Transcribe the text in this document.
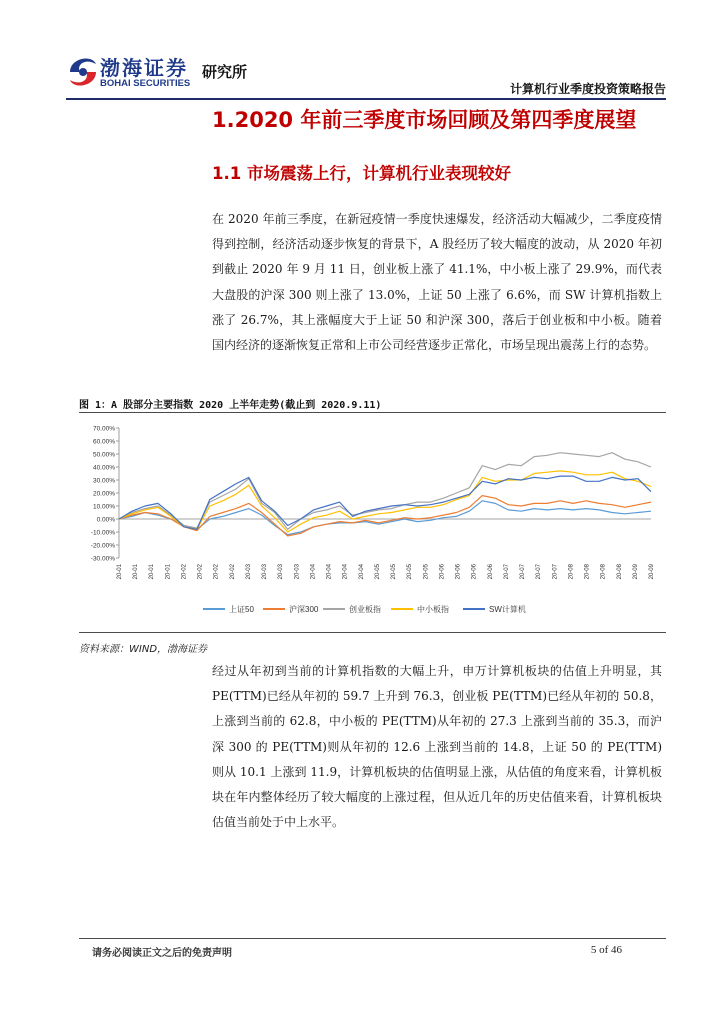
渤海证券
BOHAI SECURITIES
研究所
计算机行业季度投资策略报告
1.2020 年前三季度市场回顾及第四季度展望
1.1 市场震荡上行，计算机行业表现较好

在 2020 年前三季度，在新冠疫情一季度快速爆发，经济活动大幅减少，二季度疫情得到控制，经济活动逐步恢复的背景下，A 股经历了较大幅度的波动，从 2020 年初到截止 2020 年 9 月 11 日，创业板上涨了 41.1%，中小板上涨了 29.9%，而代表大盘股的沪深 300 则上涨了 13.0%，上证 50 上涨了 6.6%，而 SW 计算机指数上涨了 26.7%，其上涨幅度大于上证 50 和沪深 300，落后于创业板和中小板。随着国内经济的逐渐恢复正常和上市公司经营逐步正常化，市场呈现出震荡上行的态势。

图 1：A 股部分主要指数 2020 上半年走势(截止到 2020.9.11)
70.00%
60.00%
50.00%
40.00%
30.00%
20.00%
10.00%
0.00%
-10.00%
-20.00%
-30.00%
20-01 20-01 20-01 20-01 20-02 20-02 20-02 20-02 20-03 20-03 20-03 20-03 20-04 20-04 20-04 20-04 20-05 20-05 20-05 20-05 20-06 20-06 20-06 20-06 20-07 20-07 20-07 20-07 20-08 20-08 20-08 20-08 20-09 20-09
上证50	沪深300	创业板指	中小板指	SW计算机
资料来源：WIND，渤海证券

经过从年初到当前的计算机指数的大幅上升，申万计算机板块的估值上升明显，其 PE(TTM)已经从年初的 59.7 上升到 76.3，创业板 PE(TTM)已经从年初的 50.8，上涨到当前的 62.8，中小板的 PE(TTM)从年初的 27.3 上涨到当前的 35.3，而沪深 300 的 PE(TTM)则从年初的 12.6 上涨到当前的 14.8，上证 50 的 PE(TTM)则从 10.1 上涨到 11.9，计算机板块的估值明显上涨，从估值的角度来看，计算机板块在年内整体经历了较大幅度的上涨过程，但从近几年的历史估值来看，计算机板块估值当前处于中上水平。

请务必阅读正文之后的免责声明	5 of 46
